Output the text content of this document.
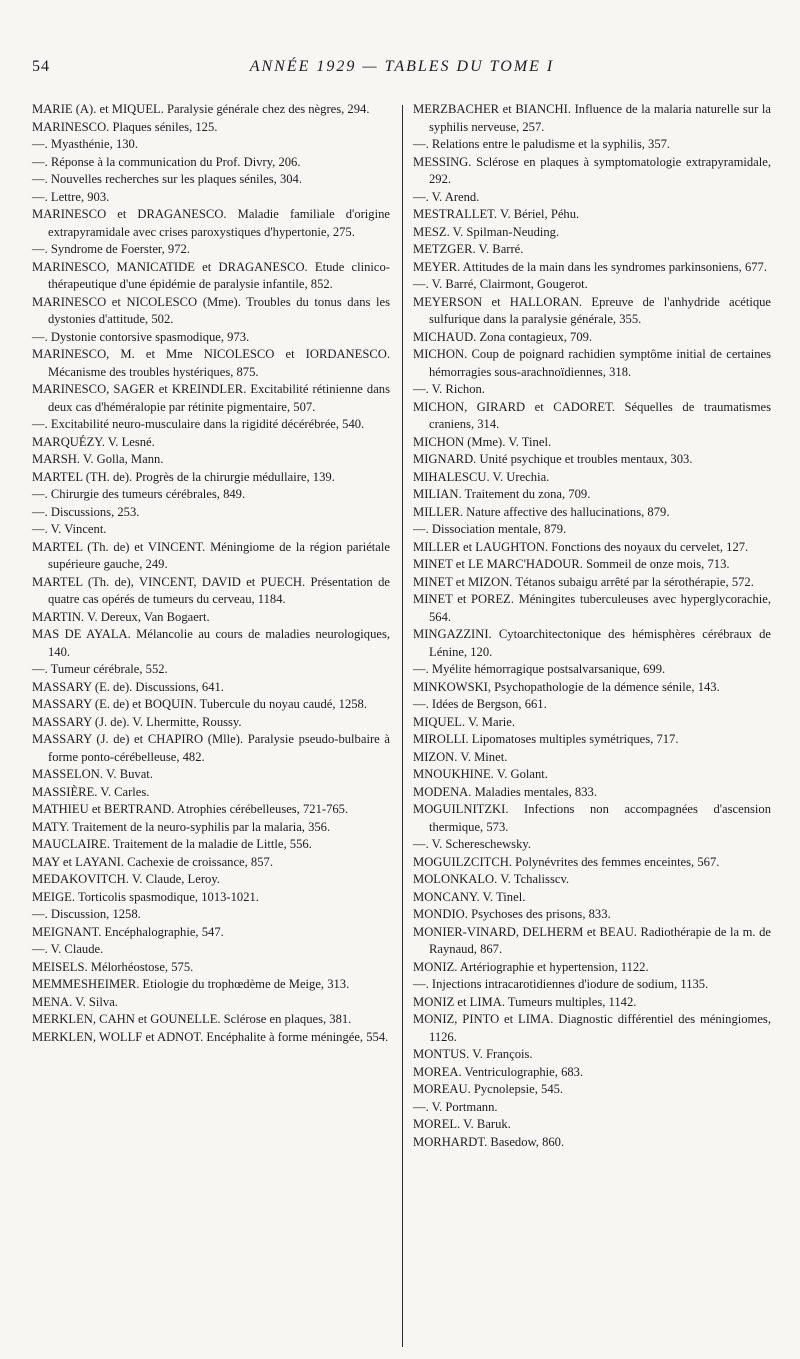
54	ANNÉE 1929 — TABLES DU TOME I

MARIE (A). et MIQUEL. Paralysie générale chez des nègres, 294.

MARINESCO. Plaques séniles, 125.

—. Myasthénie, 130.

—. Réponse à la communication du Prof. Divry, 206.

—. Nouvelles recherches sur les plaques séniles, 304.

—. Lettre, 903.

MARINESCO et DRAGANESCO. Maladie familiale d'origine extrapyramidale avec crises paroxystiques d'hypertonie, 275.

—. Syndrome de Foerster, 972.

MARINESCO, MANICATIDE et DRAGANESCO. Etude clinico-thérapeutique d'une épidémie de paralysie infantile, 852.

MARINESCO et NICOLESCO (Mme). Troubles du tonus dans les dystonies d'attitude, 502.

—. Dystonie contorsive spasmodique, 973.

MARINESCO, M. et Mme NICOLESCO et IORDANESCO. Mécanisme des troubles hystériques, 875.

MARINESCO, SAGER et KREINDLER. Excitabilité rétinienne dans deux cas d'héméralopie par rétinite pigmentaire, 507.

—. Excitabilité neuro-musculaire dans la rigidité décérébrée, 540.

MARQUÉZY. V. Lesné.

MARSH. V. Golla, Mann.

MARTEL (TH. de). Progrès de la chirurgie médullaire, 139.

—. Chirurgie des tumeurs cérébrales, 849.

—. Discussions, 253.

—. V. Vincent.

MARTEL (Th. de) et VINCENT. Méningiome de la région pariétale supérieure gauche, 249.

MARTEL (Th. de), VINCENT, DAVID et PUECH. Présentation de quatre cas opérés de tumeurs du cerveau, 1184.

MARTIN. V. Dereux, Van Bogaert.

MAS DE AYALA. Mélancolie au cours de maladies neurologiques, 140.

—. Tumeur cérébrale, 552.

MASSARY (E. de). Discussions, 641.

MASSARY (E. de) et BOQUIN. Tubercule du noyau caudé, 1258.

MASSARY (J. de). V. Lhermitte, Roussy.

MASSARY (J. de) et CHAPIRO (Mlle). Paralysie pseudo-bulbaire à forme ponto-cérébelleuse, 482.

MASSELON. V. Buvat.

MASSIÈRE. V. Carles.

MATHIEU et BERTRAND. Atrophies cérébelleuses, 721-765.

MATY. Traitement de la neuro-syphilis par la malaria, 356.

MAUCLAIRE. Traitement de la maladie de Little, 556.

MAY et LAYANI. Cachexie de croissance, 857.

MEDAKOVITCH. V. Claude, Leroy.

MEIGE. Torticolis spasmodique, 1013-1021.

—. Discussion, 1258.

MEIGNANT. Encéphalographie, 547.

—. V. Claude.

MEISELS. Mélorhéostose, 575.

MEMMESHEIMER. Etiologie du trophœdème de Meige, 313.

MENA. V. Silva.

MERKLEN, CAHN et GOUNELLE. Sclérose en plaques, 381.

MERKLEN, WOLLF et ADNOT. Encéphalite à forme méningée, 554.

MERZBACHER et BIANCHI. Influence de la malaria naturelle sur la syphilis nerveuse, 257.

—. Relations entre le paludisme et la syphilis, 357.

MESSING. Sclérose en plaques à symptomatologie extrapyramidale, 292.

—. V. Arend.

MESTRALLET. V. Bériel, Péhu.

MESZ. V. Spilman-Neuding.

METZGER. V. Barré.

MEYER. Attitudes de la main dans les syndromes parkinsoniens, 677.

—. V. Barré, Clairmont, Gougerot.

MEYERSON et HALLORAN. Epreuve de l'anhydride acétique sulfurique dans la paralysie générale, 355.

MICHAUD. Zona contagieux, 709.

MICHON. Coup de poignard rachidien symptôme initial de certaines hémorragies sous-arachnoïdiennes, 318.

—. V. Richon.

MICHON, GIRARD et CADORET. Séquelles de traumatismes craniens, 314.

MICHON (Mme). V. Tinel.

MIGNARD. Unité psychique et troubles mentaux, 303.

MIHALESCU. V. Urechia.

MILIAN. Traitement du zona, 709.

MILLER. Nature affective des hallucinations, 879.

—. Dissociation mentale, 879.

MILLER et LAUGHTON. Fonctions des noyaux du cervelet, 127.

MINET et LE MARC'HADOUR. Sommeil de onze mois, 713.

MINET et MIZON. Tétanos subaigu arrêté par la sérothérapie, 572.

MINET et POREZ. Méningites tuberculeuses avec hyperglycorachie, 564.

MINGAZZINI. Cytoarchitectonique des hémisphères cérébraux de Lénine, 120.

—. Myélite hémorragique postsalvarsanique, 699.

MINKOWSKI, Psychopathologie de la démence sénile, 143.

—. Idées de Bergson, 661.

MIQUEL. V. Marie.

MIROLLI. Lipomatoses multiples symétriques, 717.

MIZON. V. Minet.

MNOUKHINE. V. Golant.

MODENA. Maladies mentales, 833.

MOGUILNITZKI. Infections non accompagnées d'ascension thermique, 573.

—. V. Schereschewsky.

MOGUILZCITCH. Polynévrites des femmes enceintes, 567.

MOLONKALO. V. Tchalisscv.

MONCANY. V. Tinel.

MONDIO. Psychoses des prisons, 833.

MONIER-VINARD, DELHERM et BEAU. Radiothérapie de la m. de Raynaud, 867.

MONIZ. Artériographie et hypertension, 1122.

—. Injections intracarotidiennes d'iodure de sodium, 1135.

MONIZ et LIMA. Tumeurs multiples, 1142.

MONIZ, PINTO et LIMA. Diagnostic différentiel des méningiomes, 1126.

MONTUS. V. François.

MOREA. Ventriculographie, 683.

MOREAU. Pycnolepsie, 545.

—. V. Portmann.

MOREL. V. Baruk.

MORHARDT. Basedow, 860.
